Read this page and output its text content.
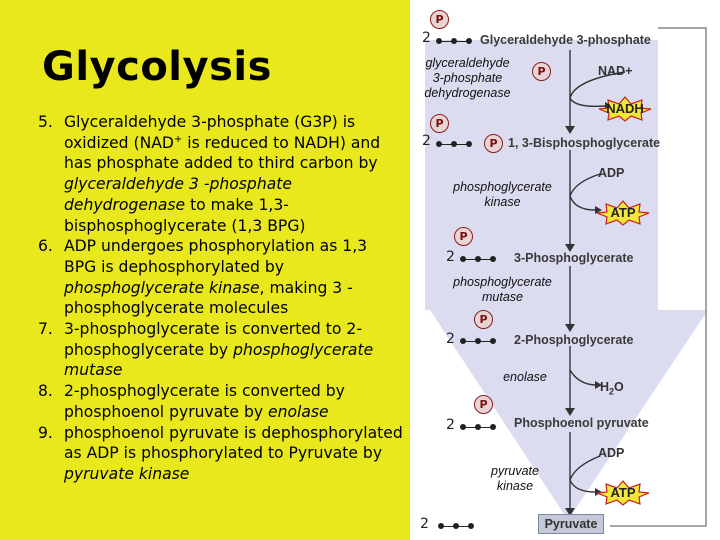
Glycolysis
5. Glyceraldehyde 3-phosphate (G3P) is oxidized (NAD+ is reduced to NADH) and has phosphate added to third carbon by glyceraldehyde 3 -phosphate dehydrogenase to make 1,3-bisphosphoglycerate (1,3 BPG)
6. ADP undergoes phosphorylation as 1,3 BPG is dephosphorylated by phosphoglycerate kinase, making 3 -phosphoglycerate molecules
7. 3-phosphoglycerate is converted to 2-phosphoglycerate by phosphoglycerate mutase
8. 2-phosphoglycerate is converted by phosphoenol pyruvate by enolase
9. phosphoenol pyruvate is dephosphorylated as ADP is phosphorylated to Pyruvate by pyruvate kinase
P
2	Glyceraldehyde 3-phosphate
glyceraldehyde
3-phosphate
dehydrogenase
P	NAD+
NADH
P
2	P 1, 3-Bisphosphoglycerate
phosphoglycerate
kinase
ADP
ATP
P
2	3-Phosphoglycerate
phosphoglycerate
mutase
P
2	2-Phosphoglycerate
enolase
$H_2O$
P
2	Phosphoenol pyruvate
pyruvate
kinase
ADP
ATP
2	Pyruvate
